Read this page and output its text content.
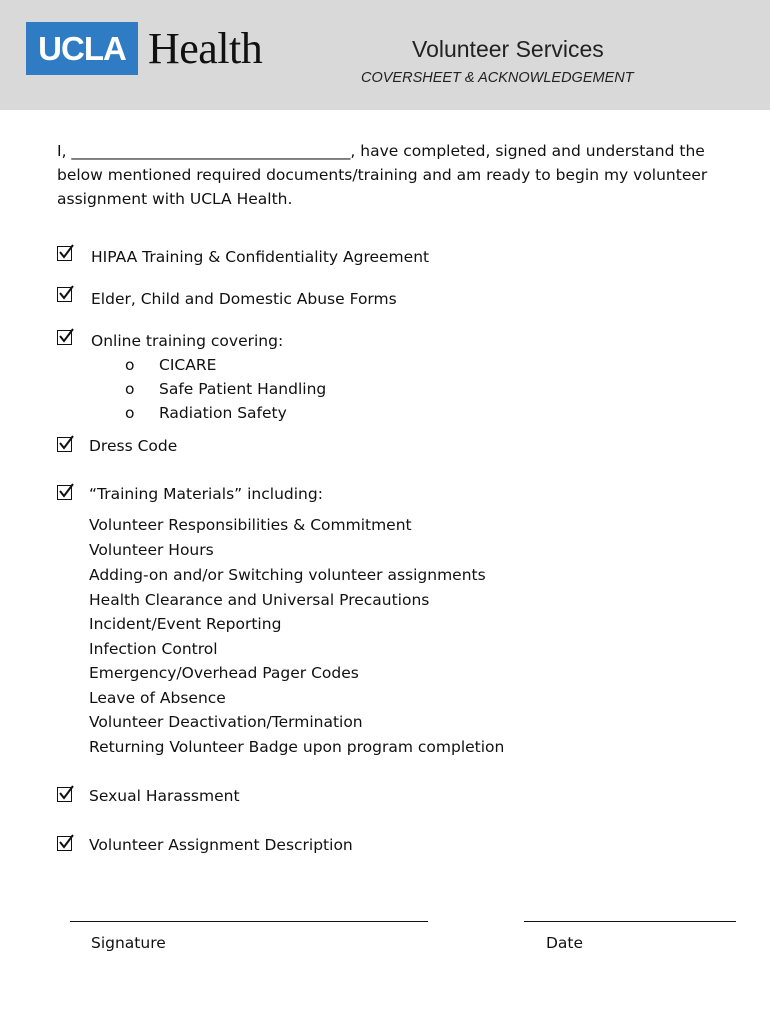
UCLA Health	Volunteer Services
COVERSHEET & ACKNOWLEDGEMENT
I, ____________________________________, have completed, signed and understand the below mentioned required documents/training and am ready to begin my volunteer assignment with UCLA Health.
HIPAA Training & Confidentiality Agreement
Elder, Child and Domestic Abuse Forms
Online training covering:
o CICARE
o Safe Patient Handling
o Radiation Safety
Dress Code
“Training Materials” including:
Volunteer Responsibilities & Commitment
Volunteer Hours
Adding-on and/or Switching volunteer assignments
Health Clearance and Universal Precautions
Incident/Event Reporting
Infection Control
Emergency/Overhead Pager Codes
Leave of Absence
Volunteer Deactivation/Termination
Returning Volunteer Badge upon program completion
Sexual Harassment
Volunteer Assignment Description
Signature	Date
